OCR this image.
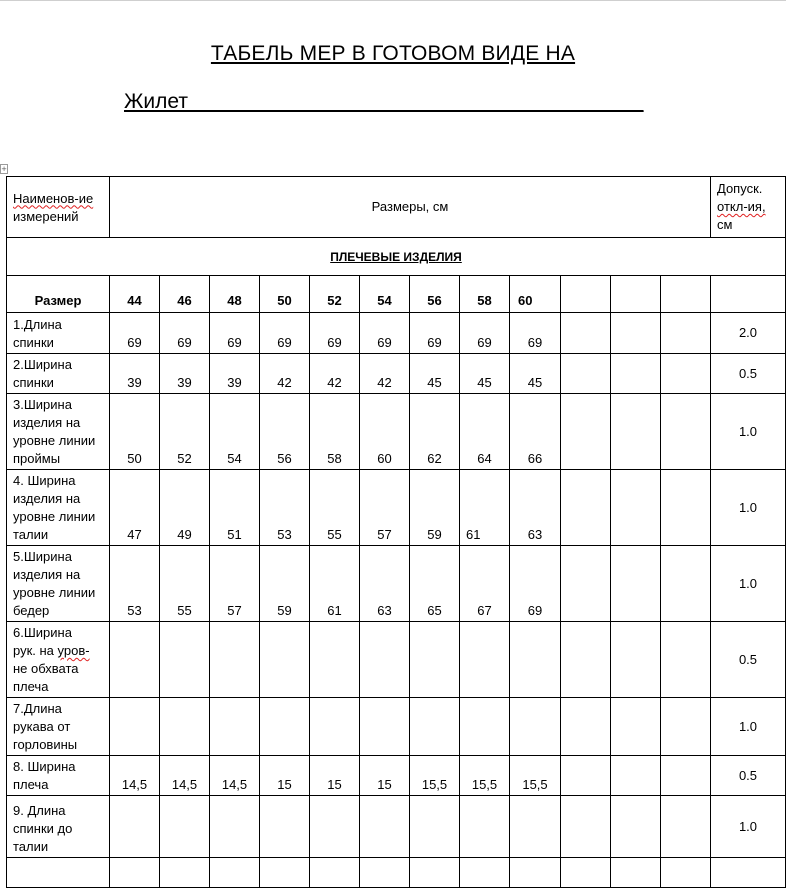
ТАБЕЛЬ МЕР В ГОТОВОМ ВИДЕ НА
Жилет_______________________________________
+
Наименов-ие
измерений	Размеры, см												Допуск.
откл-ия,
см

ПЛЕЧЕВЫЕ ИЗДЕЛИЯ													
Размер	44	46	48	50	52	54	56	58	60				

1.Длина
спинки	69	69	69	69	69	69	69	69	69				2.0

2.Ширина
спинки	39	39	39	42	42	42	45	45	45				0.5

3.Ширина
изделия на
уровне линии
проймы	50	52	54	56	58	60	62	64	66				1.0

4. Ширина
изделия на
уровне линии
талии	47	49	51	53	55	57	59	61	63				1.0

5.Ширина
изделия на
уровне линии
бедер	53	55	57	59	61	63	65	67	69				1.0

6.Ширина
рук. на уров-
не обхвата
плеча													0.5

7.Длина
рукава от
горловины													1.0

8. Ширина
плеча	14,5	14,5	14,5	15	15	15	15,5	15,5	15,5				0.5

9. Длина
спинки до
талии													1.0
